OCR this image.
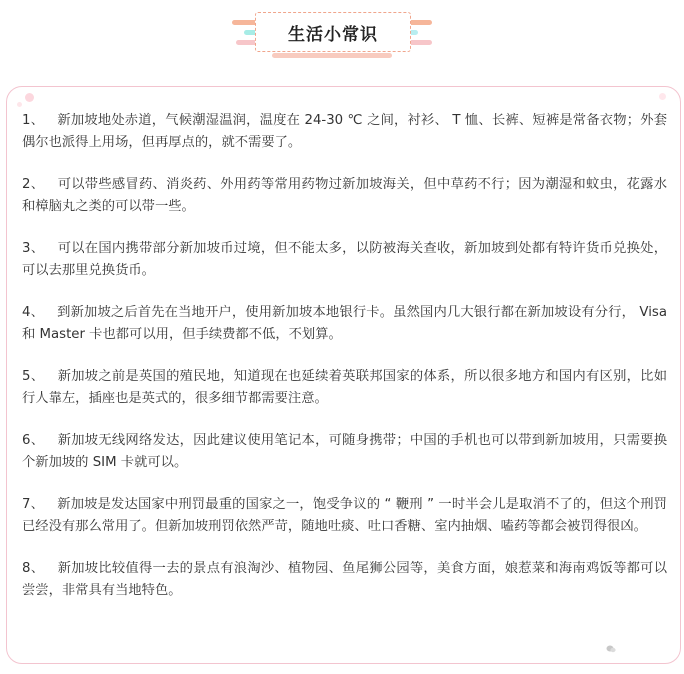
生活小常识

1、 新加坡地处赤道，气候潮湿温润，温度在 24-30 ℃ 之间，衬衫、 T 恤、长裤、短裤是常备衣物；外套偶尔也派得上用场，但再厚点的，就不需要了。

2、 可以带些感冒药、消炎药、外用药等常用药物过新加坡海关，但中草药不行；因为潮湿和蚊虫，花露水和樟脑丸之类的可以带一些。

3、 可以在国内携带部分新加坡币过境，但不能太多，以防被海关查收，新加坡到处都有特许货币兑换处，可以去那里兑换货币。

4、 到新加坡之后首先在当地开户，使用新加坡本地银行卡。虽然国内几大银行都在新加坡设有分行， Visa 和 Master 卡也都可以用，但手续费都不低，不划算。

5、 新加坡之前是英国的殖民地，知道现在也延续着英联邦国家的体系，所以很多地方和国内有区别，比如行人靠左，插座也是英式的，很多细节都需要注意。

6、 新加坡无线网络发达，因此建议使用笔记本，可随身携带；中国的手机也可以带到新加坡用，只需要换个新加坡的 SIM 卡就可以。

7、 新加坡是发达国家中刑罚最重的国家之一，饱受争议的 “ 鞭刑 ” 一时半会儿是取消不了的，但这个刑罚已经没有那么常用了。但新加坡刑罚依然严苛，随地吐痰、吐口香糖、室内抽烟、嗑药等都会被罚得很凶。

8、 新加坡比较值得一去的景点有浪淘沙、植物园、鱼尾狮公园等，美食方面，娘惹菜和海南鸡饭等都可以尝尝，非常具有当地特色。
